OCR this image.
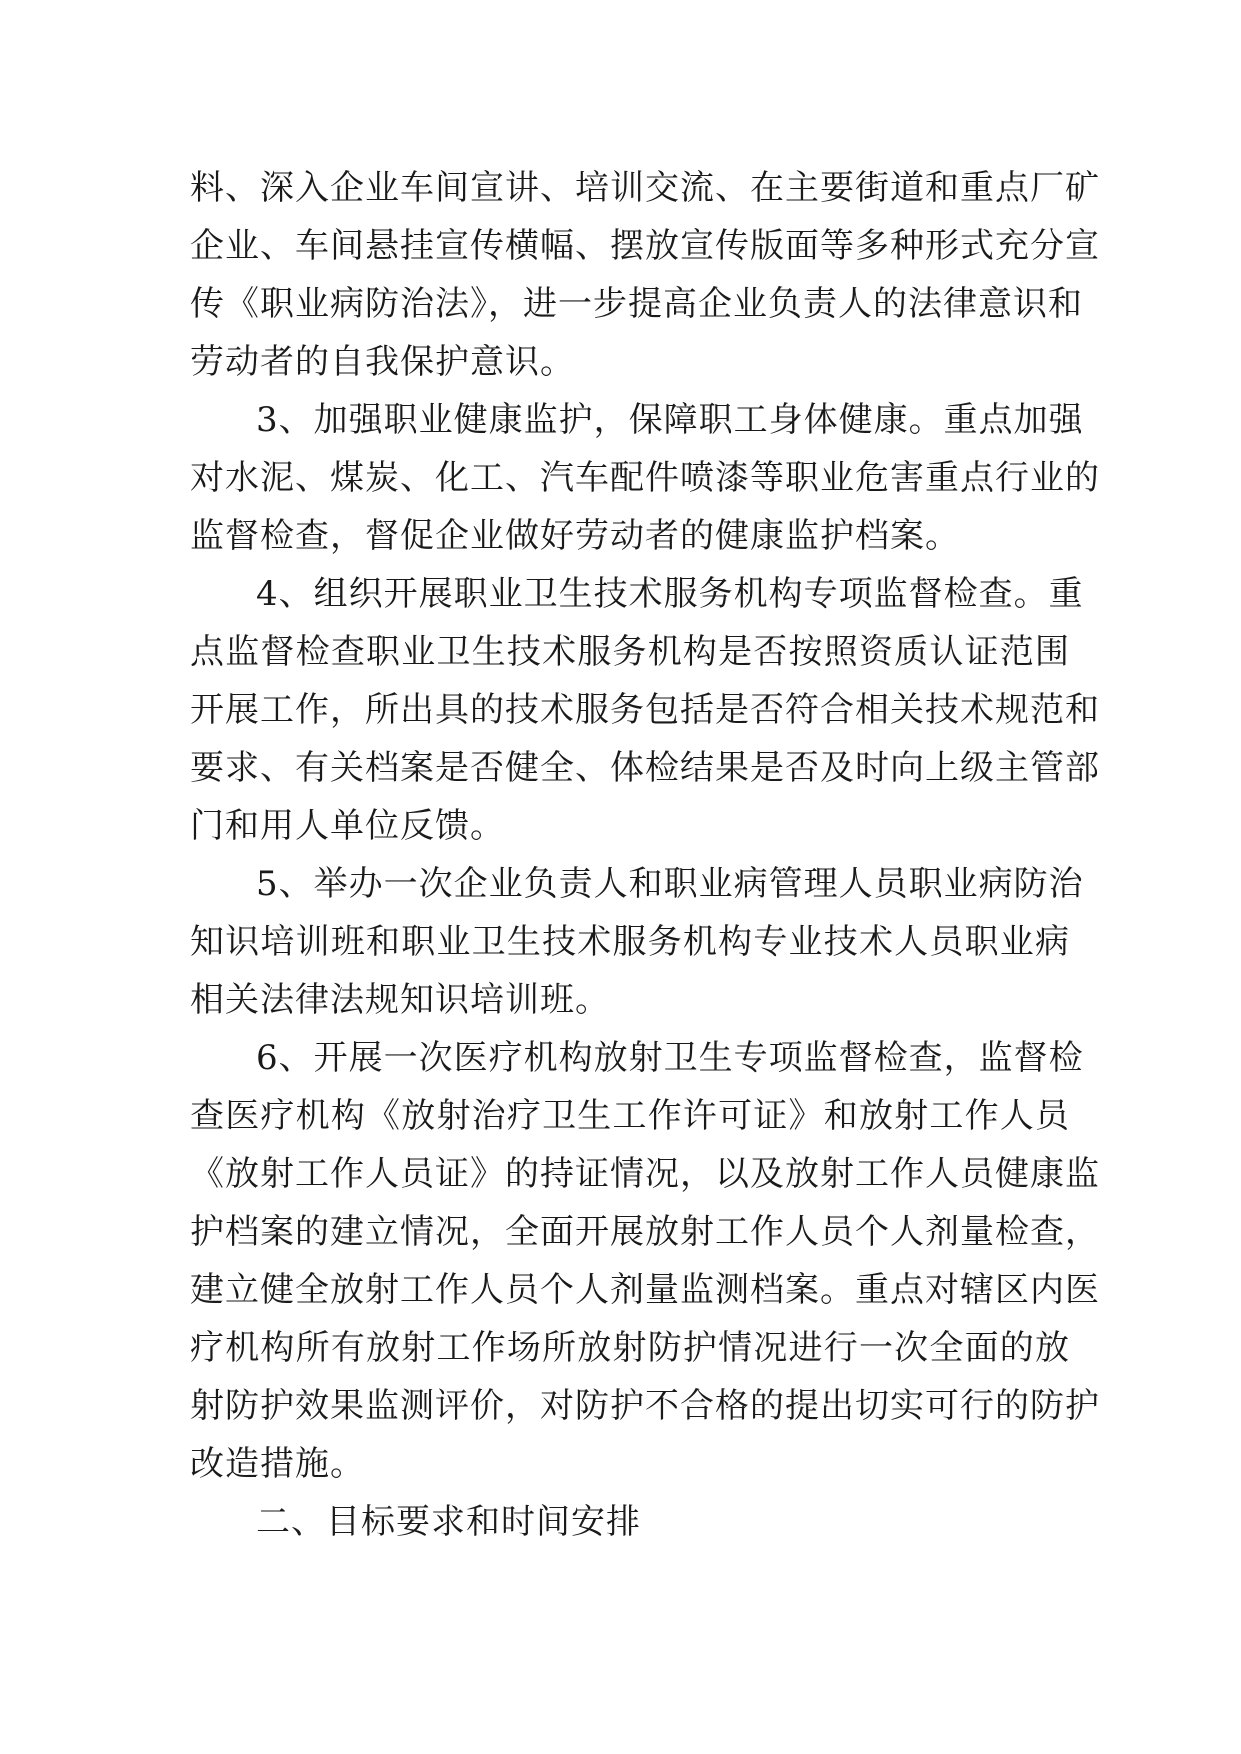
料、深入企业车间宣讲、培训交流、在主要街道和重点厂矿
企业、车间悬挂宣传横幅、摆放宣传版面等多种形式充分宣
传《职业病防治法》，进一步提高企业负责人的法律意识和
劳动者的自我保护意识。
3、加强职业健康监护，保障职工身体健康。重点加强
对水泥、煤炭、化工、汽车配件喷漆等职业危害重点行业的
监督检查，督促企业做好劳动者的健康监护档案。
4、组织开展职业卫生技术服务机构专项监督检查。重
点监督检查职业卫生技术服务机构是否按照资质认证范围
开展工作，所出具的技术服务包括是否符合相关技术规范和
要求、有关档案是否健全、体检结果是否及时向上级主管部
门和用人单位反馈。
5、举办一次企业负责人和职业病管理人员职业病防治
知识培训班和职业卫生技术服务机构专业技术人员职业病
相关法律法规知识培训班。
6、开展一次医疗机构放射卫生专项监督检查，监督检
查医疗机构《放射治疗卫生工作许可证》和放射工作人员
《放射工作人员证》的持证情况，以及放射工作人员健康监
护档案的建立情况，全面开展放射工作人员个人剂量检查，
建立健全放射工作人员个人剂量监测档案。重点对辖区内医
疗机构所有放射工作场所放射防护情况进行一次全面的放
射防护效果监测评价，对防护不合格的提出切实可行的防护
改造措施。
二、目标要求和时间安排
